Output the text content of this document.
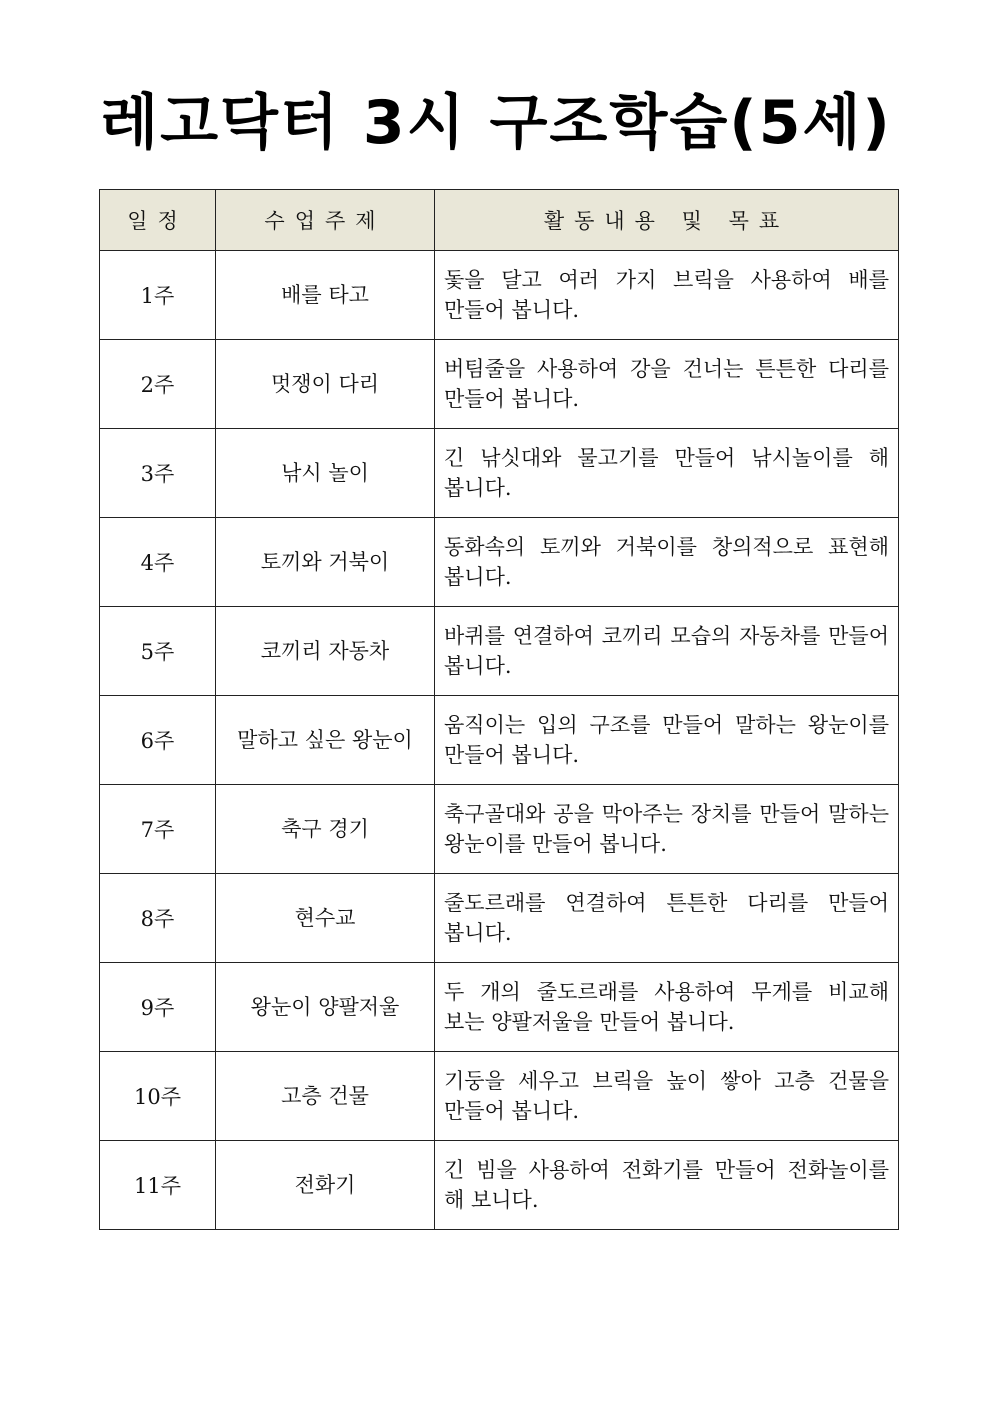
레고닥터 3시 구조학습(5세)
일정	수업주제	활동내용 및 목표
1주	배를 타고	돛을 달고 여러 가지 브릭을 사용하여 배를 만들어 봅니다.
2주	멋쟁이 다리	버팀줄을 사용하여 강을 건너는 튼튼한 다리를 만들어 봅니다.
3주	낚시 놀이	긴 낚싯대와 물고기를 만들어 낚시놀이를 해 봅니다.
4주	토끼와 거북이	동화속의 토끼와 거북이를 창의적으로 표현해 봅니다.
5주	코끼리 자동차	바퀴를 연결하여 코끼리 모습의 자동차를 만들어 봅니다.
6주	말하고 싶은 왕눈이	움직이는 입의 구조를 만들어 말하는 왕눈이를 만들어 봅니다.
7주	축구 경기	축구골대와 공을 막아주는 장치를 만들어 말하는 왕눈이를 만들어 봅니다.
8주	현수교	줄도르래를 연결하여 튼튼한 다리를 만들어 봅니다.
9주	왕눈이 양팔저울	두 개의 줄도르래를 사용하여 무게를 비교해 보는 양팔저울을 만들어 봅니다.
10주	고층 건물	기둥을 세우고 브릭을 높이 쌓아 고층 건물을 만들어 봅니다.
11주	전화기	긴 빔을 사용하여 전화기를 만들어 전화놀이를 해 보니다.
